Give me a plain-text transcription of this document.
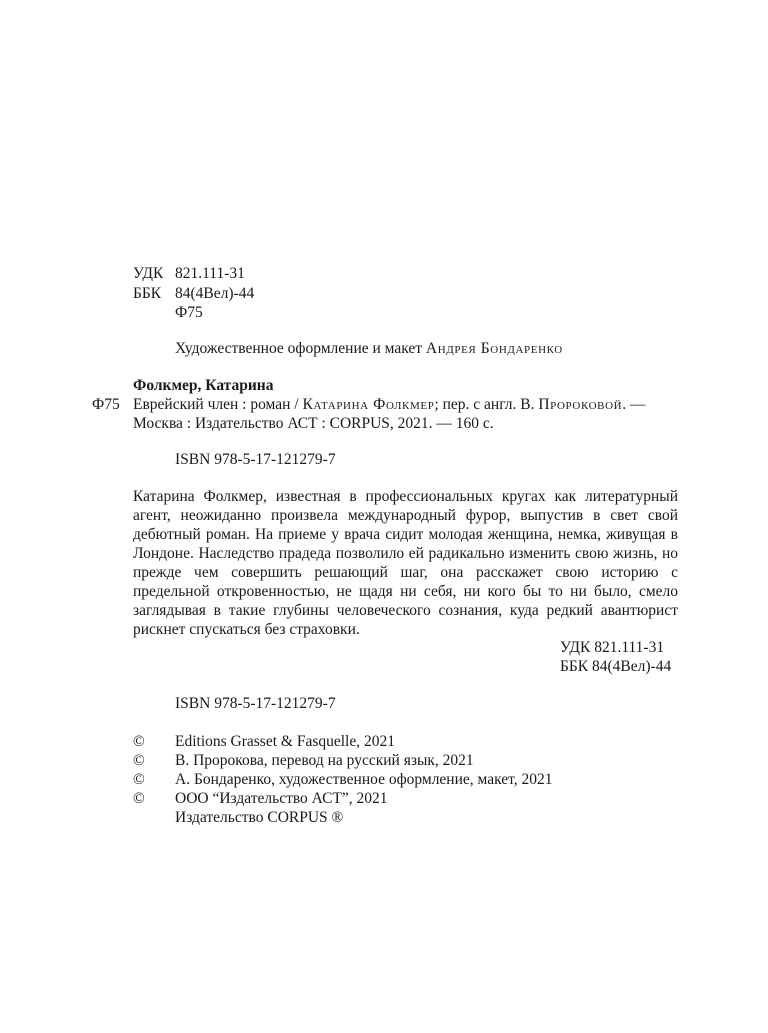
УДК 821.111-31
ББК 84(4Вел)-44
Ф75
Художественное оформление и макет Андрея Бондаренко
Фолкмер, Катарина
Ф75 Еврейский член : роман / Катарина Фолкмер; пер. с англ. В. Пророковой. —
Москва : Издательство АСТ : CORPUS, 2021. — 160 с.
ISBN 978-5-17-121279-7

Катарина Фолкмер, известная в профессиональных кругах как литературный агент, неожиданно произвела международный фурор, выпустив в свет свой дебютный роман. На приеме у врача сидит молодая женщина, немка, живущая в Лондоне. Наследство прадеда позволило ей радикально изменить свою жизнь, но прежде чем совершить решающий шаг, она расскажет свою историю с предельной откровенностью, не щадя ни себя, ни кого бы то ни было, смело заглядывая в такие глубины человеческого сознания, куда редкий авантюрист рискнет спускаться без страховки.

УДК 821.111-31
ББК 84(4Вел)-44
ISBN 978-5-17-121279-7
© Editions Grasset & Fasquelle, 2021
© В. Пророкова, перевод на русский язык, 2021
© А. Бондаренко, художественное оформление, макет, 2021
© ООО “Издательство АСТ”, 2021
Издательство CORPUS ®
